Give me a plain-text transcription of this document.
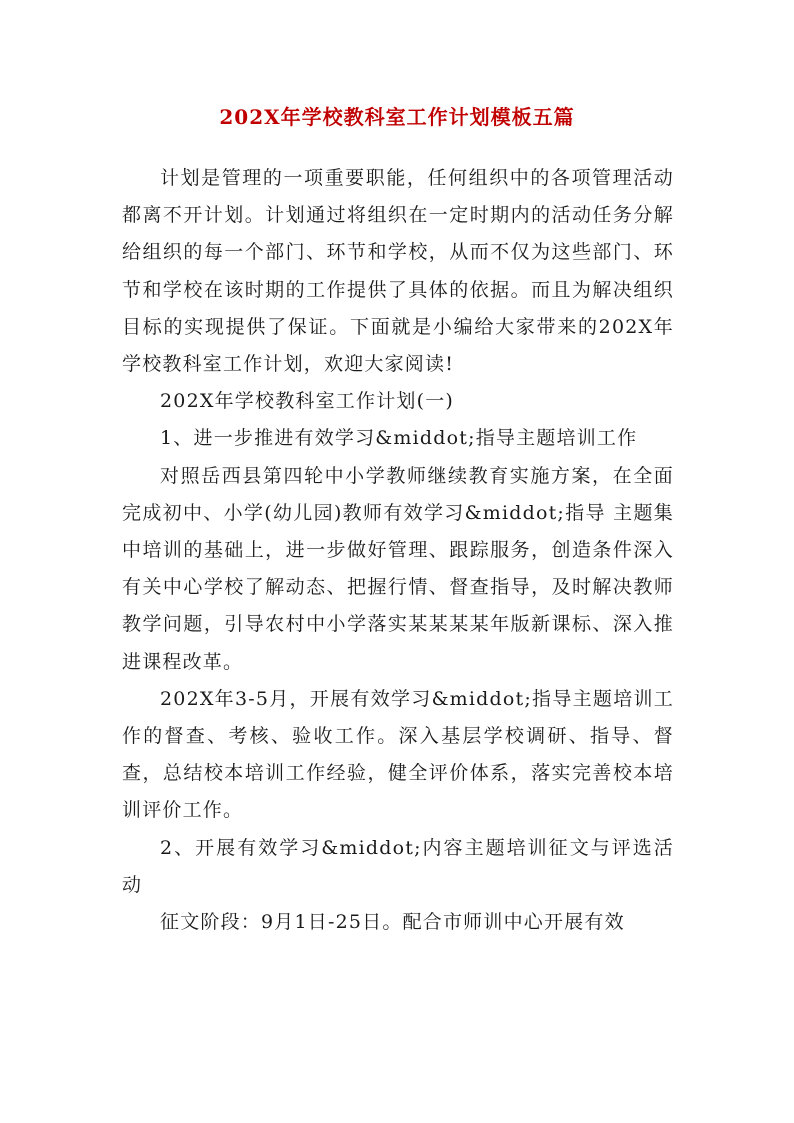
202X年学校教科室工作计划模板五篇

计划是管理的一项重要职能，任何组织中的各项管理活动都离不开计划。计划通过将组织在一定时期内的活动任务分解给组织的每一个部门、环节和学校，从而不仅为这些部门、环节和学校在该时期的工作提供了具体的依据。而且为解决组织目标的实现提供了保证。下面就是小编给大家带来的202X年学校教科室工作计划，欢迎大家阅读!

202X年学校教科室工作计划(一)

1、进一步推进有效学习&middot;指导主题培训工作

对照岳西县第四轮中小学教师继续教育实施方案，在全面完成初中、小学(幼儿园)教师有效学习&middot;指导 主题集中培训的基础上，进一步做好管理、跟踪服务，创造条件深入有关中心学校了解动态、把握行情、督查指导，及时解决教师教学问题，引导农村中小学落实某某某某年版新课标、深入推进课程改革。

202X年3-5月，开展有效学习&middot;指导主题培训工作的督查、考核、验收工作。深入基层学校调研、指导、督查，总结校本培训工作经验，健全评价体系，落实完善校本培训评价工作。

2、开展有效学习&middot;内容主题培训征文与评选活动

征文阶段：9月1日-25日。配合市师训中心开展有效
